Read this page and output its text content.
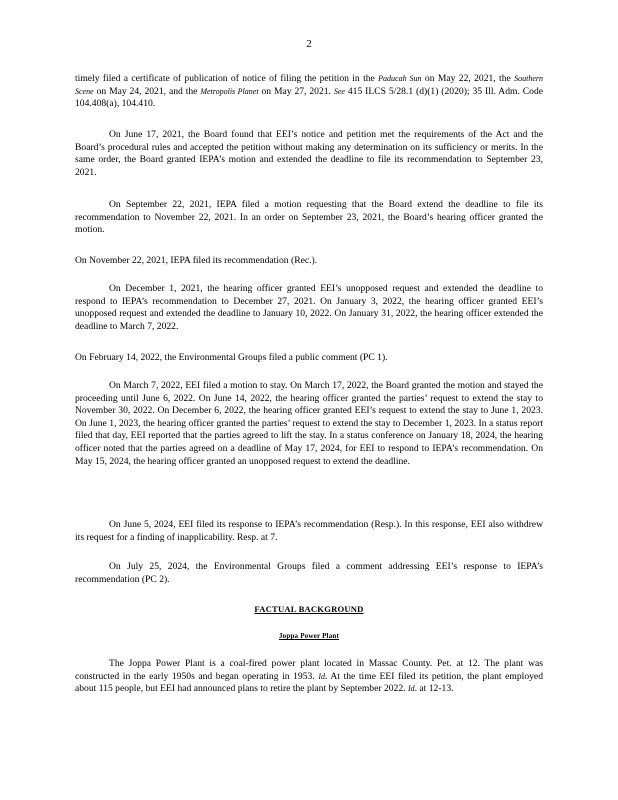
2

timely filed a certificate of publication of notice of filing the petition in the Paducah Sun on May 22, 2021, the Southern Scene on May 24, 2021, and the Metropolis Planet on May 27, 2021. See 415 ILCS 5/28.1 (d)(1) (2020); 35 Ill. Adm. Code 104.408(a), 104.410.

On June 17, 2021, the Board found that EEI’s notice and petition met the requirements of the Act and the Board’s procedural rules and accepted the petition without making any determination on its sufficiency or merits. In the same order, the Board granted IEPA’s motion and extended the deadline to file its recommendation to September 23, 2021.

On September 22, 2021, IEPA filed a motion requesting that the Board extend the deadline to file its recommendation to November 22, 2021. In an order on September 23, 2021, the Board’s hearing officer granted the motion.

On November 22, 2021, IEPA filed its recommendation (Rec.).

On December 1, 2021, the hearing officer granted EEI’s unopposed request and extended the deadline to respond to IEPA’s recommendation to December 27, 2021. On January 3, 2022, the hearing officer granted EEI’s unopposed request and extended the deadline to January 10, 2022. On January 31, 2022, the hearing officer extended the deadline to March 7, 2022.

On February 14, 2022, the Environmental Groups filed a public comment (PC 1).

On March 7, 2022, EEI filed a motion to stay. On March 17, 2022, the Board granted the motion and stayed the proceeding until June 6, 2022. On June 14, 2022, the hearing officer granted the parties’ request to extend the stay to November 30, 2022. On December 6, 2022, the hearing officer granted EEI’s request to extend the stay to June 1, 2023. On June 1, 2023, the hearing officer granted the parties’ request to extend the stay to December 1, 2023. In a status report filed that day, EEI reported that the parties agreed to lift the stay. In a status conference on January 18, 2024, the hearing officer noted that the parties agreed on a deadline of May 17, 2024, for EEI to respond to IEPA’s recommendation. On May 15, 2024, the hearing officer granted an unopposed request to extend the deadline.

On June 5, 2024, EEI filed its response to IEPA’s recommendation (Resp.). In this response, EEI also withdrew its request for a finding of inapplicability. Resp. at 7.

On July 25, 2024, the Environmental Groups filed a comment addressing EEI’s response to IEPA’s recommendation (PC 2).

FACTUAL BACKGROUND
Joppa Power Plant

The Joppa Power Plant is a coal-fired power plant located in Massac County. Pet. at 12. The plant was constructed in the early 1950s and began operating in 1953. Id. At the time EEI filed its petition, the plant employed about 115 people, but EEI had announced plans to retire the plant by September 2022. Id. at 12-13.
